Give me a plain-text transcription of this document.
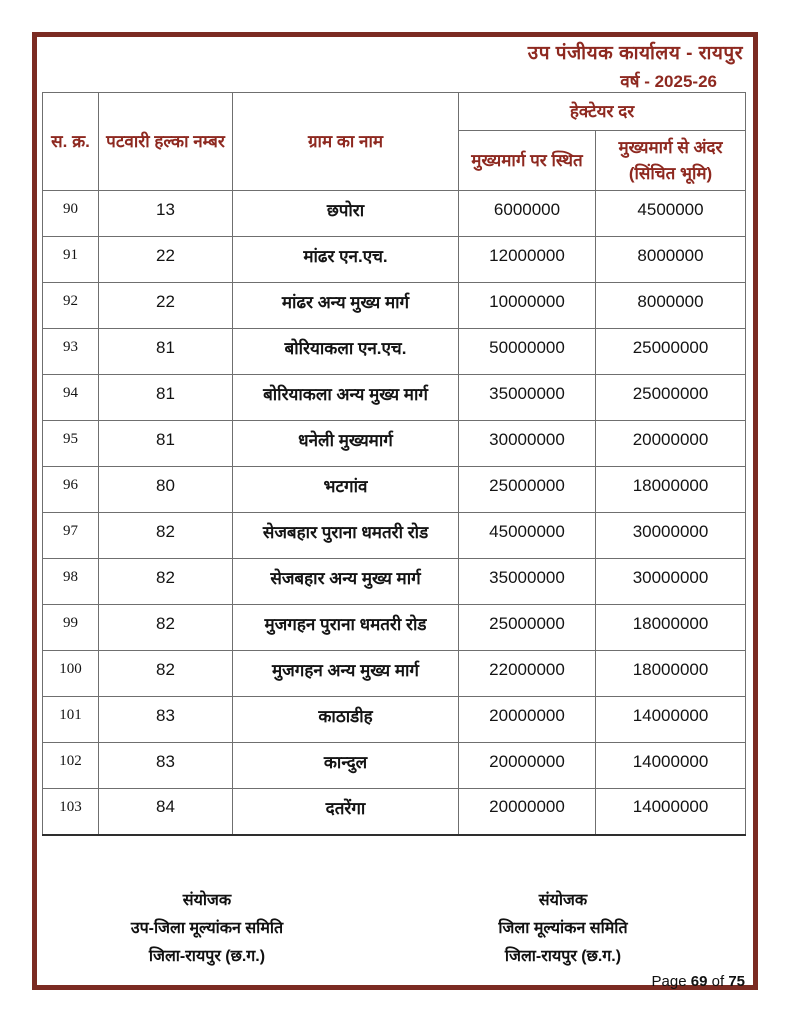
उप पंजीयक कार्यालय - रायपुर
वर्ष - 2025-26
स. क्र.	पटवारी हल्का नम्बर	ग्राम का नाम	हेक्टेयर दर	
			मुख्यमार्ग पर स्थित	मुख्यमार्ग से अंदर (सिंचित भूमि)
90	13	छपोरा	6000000	4500000
91	22	मांढर एन.एच.	12000000	8000000
92	22	मांढर अन्य मुख्य मार्ग	10000000	8000000
93	81	बोरियाकला एन.एच.	50000000	25000000
94	81	बोरियाकला अन्य मुख्य मार्ग	35000000	25000000
95	81	धनेली मुख्यमार्ग	30000000	20000000
96	80	भटगांव	25000000	18000000
97	82	सेजबहार पुराना धमतरी रोड	45000000	30000000
98	82	सेजबहार अन्य मुख्य मार्ग	35000000	30000000
99	82	मुजगहन पुराना धमतरी रोड	25000000	18000000
100	82	मुजगहन अन्य मुख्य मार्ग	22000000	18000000
101	83	काठाडीह	20000000	14000000
102	83	कान्दुल	20000000	14000000
103	84	दतरेंगा	20000000	14000000
संयोजक
उप-जिला मूल्यांकन समिति
जिला-रायपुर (छ.ग.)
संयोजक
जिला मूल्यांकन समिति
जिला-रायपुर (छ.ग.)
Page 69 of 75
